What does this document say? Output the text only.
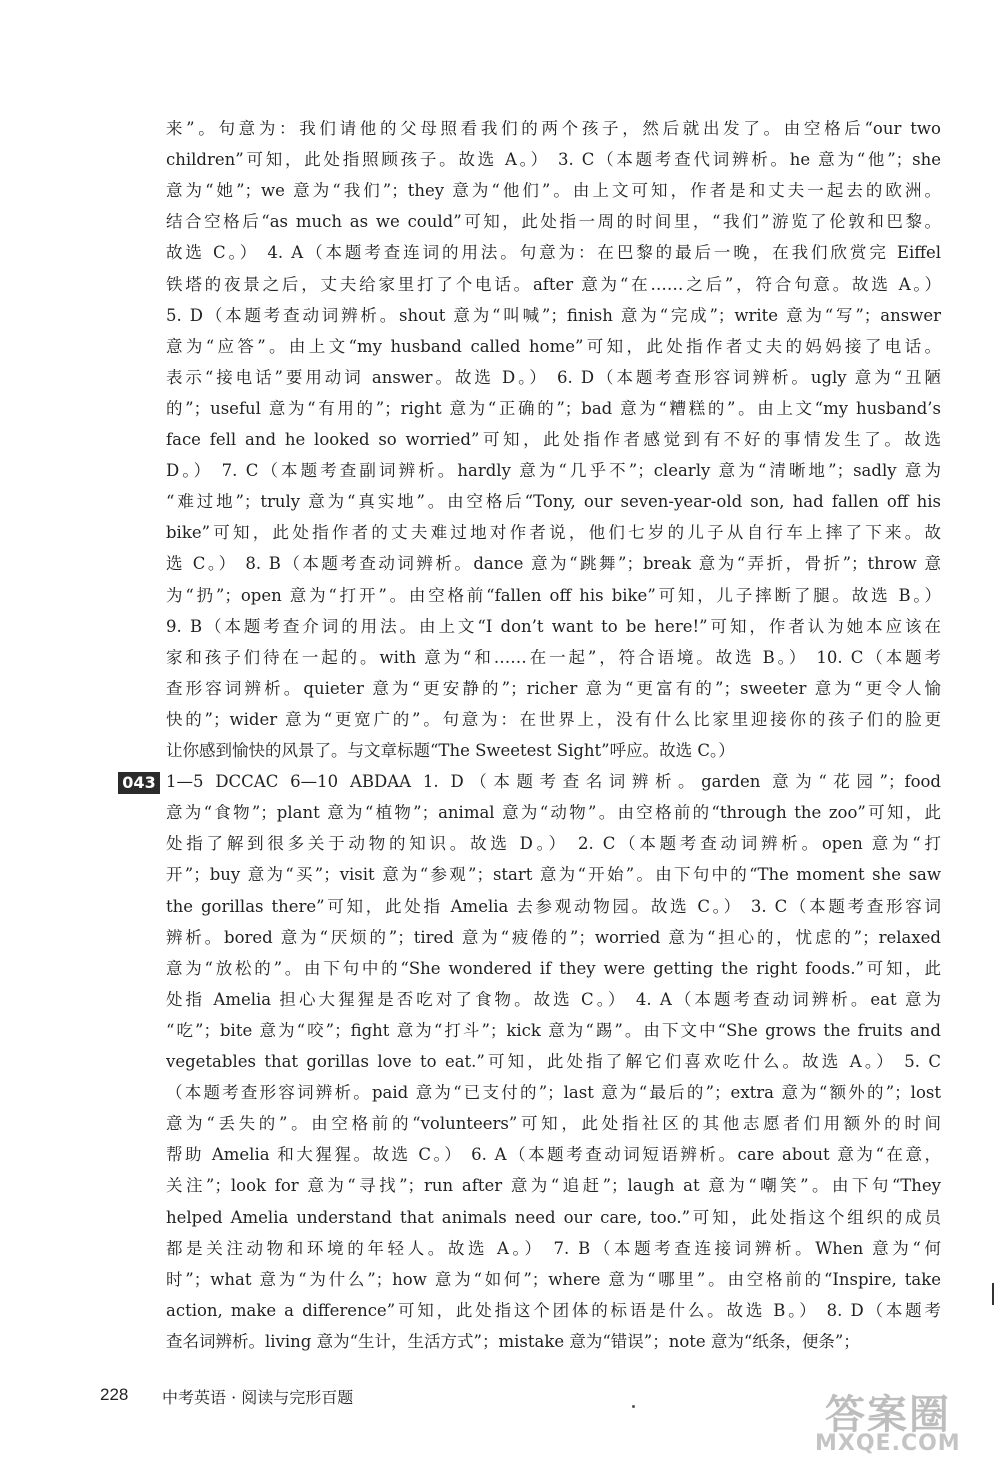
来”。句意为：我们请他的父母照看我们的两个孩子，然后就出发了。由空格后“our two
children”可知，此处指照顾孩子。故选 A。） 3. C（本题考查代词辨析。he 意为“他”；she
意为“她”；we 意为“我们”；they 意为“他们”。由上文可知，作者是和丈夫一起去的欧洲。
结合空格后“as much as we could”可知，此处指一周的时间里，“我们”游览了伦敦和巴黎。
故选 C。） 4. A（本题考查连词的用法。句意为：在巴黎的最后一晚，在我们欣赏完 Eiffel
铁塔的夜景之后，丈夫给家里打了个电话。after 意为“在……之后”，符合句意。故选 A。）
5. D（本题考查动词辨析。shout 意为“叫喊”；finish 意为“完成”；write 意为“写”；answer
意为“应答”。由上文“my husband called home”可知，此处指作者丈夫的妈妈接了电话。
表示“接电话”要用动词 answer。故选 D。） 6. D（本题考查形容词辨析。ugly 意为“丑陋
的”；useful 意为“有用的”；right 意为“正确的”；bad 意为“糟糕的”。由上文“my husband’s
face fell and he looked so worried”可知，此处指作者感觉到有不好的事情发生了。故选
D。） 7. C（本题考查副词辨析。hardly 意为“几乎不”；clearly 意为“清晰地”；sadly 意为
“难过地”；truly 意为“真实地”。由空格后“Tony, our seven-year-old son, had fallen off his
bike”可知，此处指作者的丈夫难过地对作者说，他们七岁的儿子从自行车上摔了下来。故
选 C。） 8. B（本题考查动词辨析。dance 意为“跳舞”；break 意为“弄折，骨折”；throw 意
为“扔”；open 意为“打开”。由空格前“fallen off his bike”可知，儿子摔断了腿。故选 B。）
9. B（本题考查介词的用法。由上文“I don’t want to be here!”可知，作者认为她本应该在
家和孩子们待在一起的。with 意为“和……在一起”，符合语境。故选 B。） 10. C（本题考
查形容词辨析。quieter 意为“更安静的”；richer 意为“更富有的”；sweeter 意为“更令人愉
快的”；wider 意为“更宽广的”。句意为：在世界上，没有什么比家里迎接你的孩子们的脸更
让你感到愉快的风景了。与文章标题“The Sweetest Sight”呼应。故选 C。）
1—5 DCCAC 6—10 ABDAA 1. D（本题考查名词辨析。garden 意为“花园”；food
意为“食物”；plant 意为“植物”；animal 意为“动物”。由空格前的“through the zoo”可知，此
处指了解到很多关于动物的知识。故选 D。） 2. C（本题考查动词辨析。open 意为“打
开”；buy 意为“买”；visit 意为“参观”；start 意为“开始”。由下句中的“The moment she saw
the gorillas there”可知，此处指 Amelia 去参观动物园。故选 C。） 3. C（本题考查形容词
辨析。bored 意为“厌烦的”；tired 意为“疲倦的”；worried 意为“担心的，忧虑的”；relaxed
意为“放松的”。由下句中的“She wondered if they were getting the right foods.”可知，此
处指 Amelia 担心大猩猩是否吃对了食物。故选 C。） 4. A（本题考查动词辨析。eat 意为
“吃”；bite 意为“咬”；fight 意为“打斗”；kick 意为“踢”。由下文中“She grows the fruits and
vegetables that gorillas love to eat.”可知，此处指了解它们喜欢吃什么。故选 A。） 5. C
（本题考查形容词辨析。paid 意为“已支付的”；last 意为“最后的”；extra 意为“额外的”；lost
意为“丢失的”。由空格前的“volunteers”可知，此处指社区的其他志愿者们用额外的时间
帮助 Amelia 和大猩猩。故选 C。） 6. A（本题考查动词短语辨析。care about 意为“在意，
关注”；look for 意为“寻找”；run after 意为“追赶”；laugh at 意为“嘲笑”。由下句“They
helped Amelia understand that animals need our care, too.”可知，此处指这个组织的成员
都是关注动物和环境的年轻人。故选 A。） 7. B（本题考查连接词辨析。When 意为“何
时”；what 意为“为什么”；how 意为“如何”；where 意为“哪里”。由空格前的“Inspire, take
action, make a difference”可知，此处指这个团体的标语是什么。故选 B。） 8. D（本题考
查名词辨析。living 意为“生计，生活方式”；mistake 意为“错误”；note 意为“纸条，便条”；
043
228 中考英语 · 阅读与完形百题	答案圈
MXQE.COM
